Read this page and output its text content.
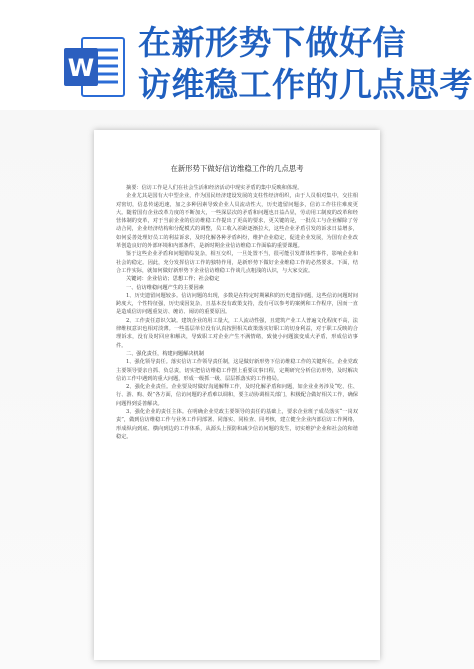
W
在新形势下做好信
访维稳工作的几点思考
在新形势下做好信访维稳工作的几点思考

摘要：信访工作是人们在社会生活和经济活动中现实矛盾的集中反映和体现。

企业尤其是国有大中型企业，作为国民经济建设发展的支柱性经济组织，由于人员相对集中，交往相对密切，信息传递迅速，加之多种因素导致企业人员流动性大，历史遗留问题多，信访工作往往难度更大。随着国有企业改革力度的不断加大，一些深层次的矛盾和问题也日益凸显，劳动用工制度的改革和经营体制的变革，对于当前企业的信访维稳工作提出了更高的要求，更关键的是，一批员工与企业解除了劳动合同，企业经济结构和分配模式的调整，员工收入差距逐渐拉大，这些企业矛盾引发的诉求日益增多，如何妥善处理好员工的利益诉求，及时化解各种矛盾纠纷，维护企业稳定，促进企业发展，为国有企业改革创造良好的外部环境和内部条件，是新时期企业信访维稳工作面临的重要课题。

鉴于这些企业矛盾和问题错综复杂，相互交织，一旦处置不当，很可能引发群体性事件，影响企业和社会的稳定。因此，充分发挥信访工作的独特作用，是新形势下做好企业维稳工作的必然要求。下面，结合工作实际，就如何做好新形势下企业信访维稳工作谈几点粗浅的认识，与大家交流。

关键词：企业信访；思想工作；社会稳定

一、信访维稳问题产生的主要因素

1、历史遗留问题较多。信访问题的出现，多数是在特定时期累积的历史遗留问题，这些信访问题时间跨度大，个性特征强，历史成因复杂，且基本没有政策支持，没有可以参考的案例和工作程序，因而一直是造成信访问题重复访、缠访、闹访的重要原因。

2、工作责任意识欠缺。建筑企业的用工量大，工人流动性强，且建筑产业工人普遍文化程度不高，法律维权意识也相对淡薄。一些基层单位没有认真按照相关政策落实好职工的切身利益，对于职工反映的合理诉求，没有及时回应和解决，导致职工对企业产生不满情绪，致使小问题演变成大矛盾，形成信访事件。

二、强化责任，构建问题解决机制

1、强化领导责任。落实信访工作领导责任制，这是做好新形势下信访维稳工作的关键所在。企业党政主要领导要亲自抓、负总责，切实把信访维稳工作摆上重要议事日程，定期研究分析信访形势，及时解决信访工作中遇到的重大问题，形成一级抓一级、层层抓落实的工作格局。

2、强化企业责任。企业要及时做好沟通解释工作，及时化解矛盾和问题，如企业业务涉及“吃、住、行、游、购、娱”各方面，信访问题的矛盾难以调和，要主动协调相关部门，积极配合做好相关工作，确保问题得到妥善解决。

3、强化企业的责任主体。在明确企业党政主要领导的责任的基础上，要求企业班子成员落实“一岗双责”，做到信访维稳工作与业务工作同部署、同落实、同检查、同考核，建立健全企业内部信访工作网络，形成纵向到底、横向到边的工作体系，从源头上预防和减少信访问题的发生，切实维护企业和社会的和谐稳定。
